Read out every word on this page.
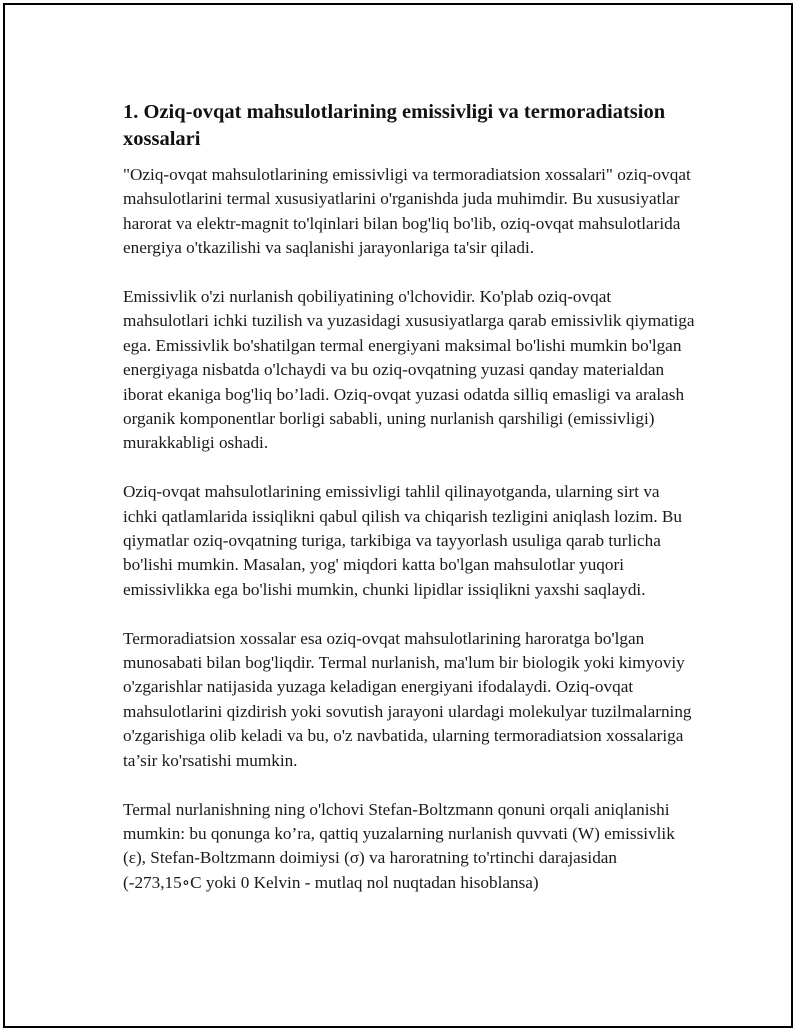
1. Oziq-ovqat mahsulotlarining emissivligi va termoradiatsion xossalari

"Oziq-ovqat mahsulotlarining emissivligi va termoradiatsion xossalari" oziq-ovqat mahsulotlarini termal xususiyatlarini o'rganishda juda muhimdir. Bu xususiyatlar harorat va elektr-magnit to'lqinlari bilan bog'liq bo'lib, oziq-ovqat mahsulotlarida energiya o'tkazilishi va saqlanishi jarayonlariga ta'sir qiladi.

Emissivlik o'zi nurlanish qobiliyatining o'lchovidir. Ko'plab oziq-ovqat mahsulotlari ichki tuzilish va yuzasidagi xususiyatlarga qarab emissivlik qiymatiga ega. Emissivlik bo'shatilgan termal energiyani maksimal bo'lishi mumkin bo'lgan energiyaga nisbatda o'lchaydi va bu oziq-ovqatning yuzasi qanday materialdan iborat ekaniga bog'liq bo’ladi. Oziq-ovqat yuzasi odatda silliq emasligi va aralash organik komponentlar borligi sababli, uning nurlanish qarshiligi (emissivligi) murakkabligi oshadi.

Oziq-ovqat mahsulotlarining emissivligi tahlil qilinayotganda, ularning sirt va ichki qatlamlarida issiqlikni qabul qilish va chiqarish tezligini aniqlash lozim. Bu qiymatlar oziq-ovqatning turiga, tarkibiga va tayyorlash usuliga qarab turlicha bo'lishi mumkin. Masalan, yog' miqdori katta bo'lgan mahsulotlar yuqori emissivlikka ega bo'lishi mumkin, chunki lipidlar issiqlikni yaxshi saqlaydi.

Termoradiatsion xossalar esa oziq-ovqat mahsulotlarining haroratga bo'lgan munosabati bilan bog'liqdir. Termal nurlanish, ma'lum bir biologik yoki kimyoviy o'zgarishlar natijasida yuzaga keladigan energiyani ifodalaydi. Oziq-ovqat mahsulotlarini qizdirish yoki sovutish jarayoni ulardagi molekulyar tuzilmalarning o'zgarishiga olib keladi va bu, o'z navbatida, ularning termoradiatsion xossalariga ta’sir ko'rsatishi mumkin.

Termal nurlanishning ning o'lchovi Stefan-Boltzmann qonuni orqali aniqlanishi mumkin: bu qonunga ko’ra, qattiq yuzalarning nurlanish quvvati (W) emissivlik (ε), Stefan-Boltzmann doimiysi (σ) va haroratning to'rtinchi darajasidan (-273,15∘C yoki 0 Kelvin - mutlaq nol nuqtadan hisoblansa)
